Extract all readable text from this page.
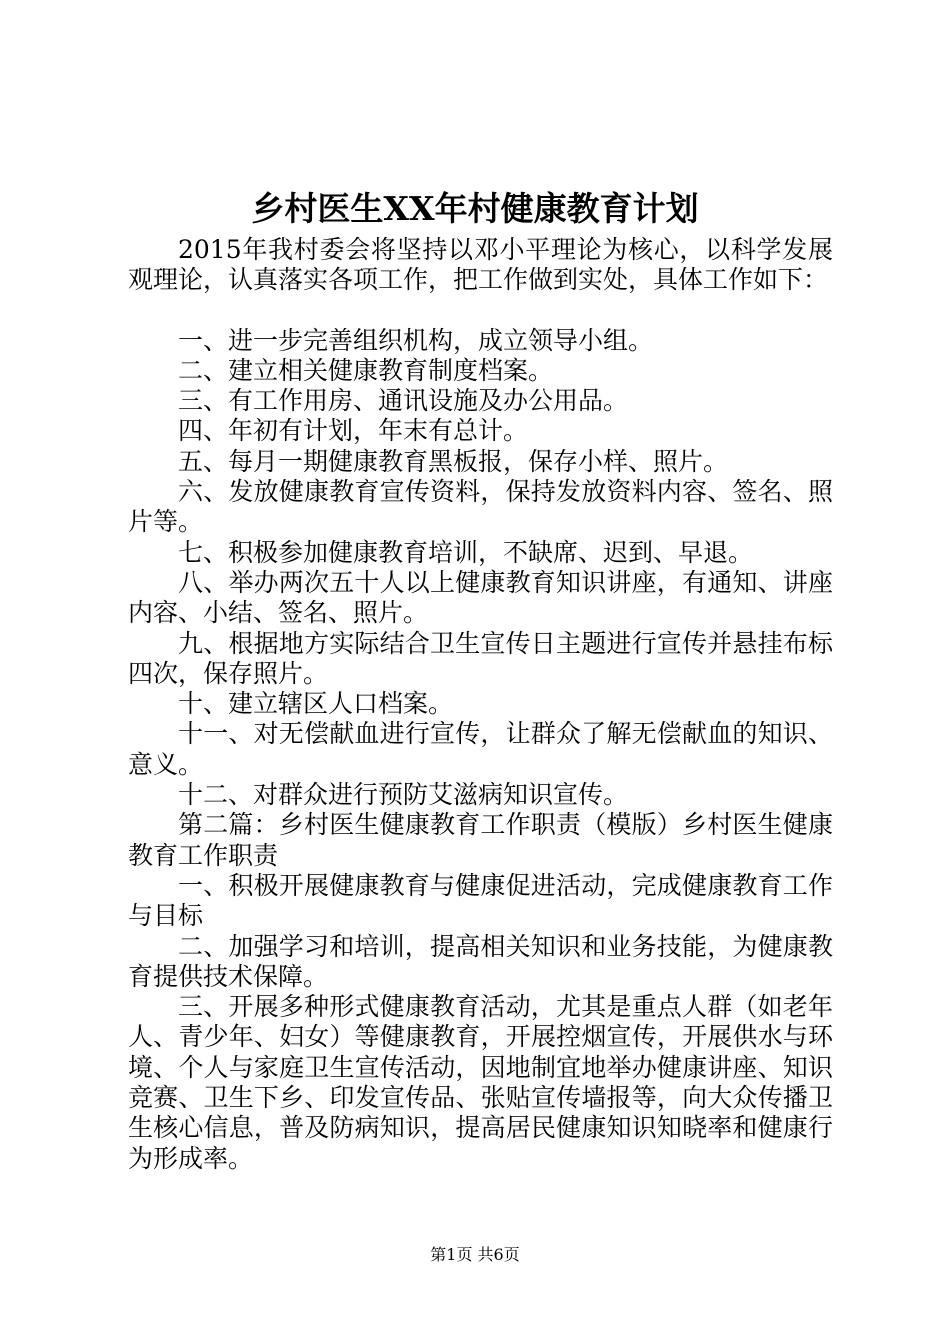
乡村医生XX年村健康教育计划

2015年我村委会将坚持以邓小平理论为核心，以科学发展观理论，认真落实各项工作，把工作做到实处，具体工作如下：

一、进一步完善组织机构，成立领导小组。

二、建立相关健康教育制度档案。

三、有工作用房、通讯设施及办公用品。

四、年初有计划，年末有总计。

五、每月一期健康教育黑板报，保存小样、照片。

六、发放健康教育宣传资料，保持发放资料内容、签名、照片等。

七、积极参加健康教育培训，不缺席、迟到、早退。

八、举办两次五十人以上健康教育知识讲座，有通知、讲座内容、小结、签名、照片。

九、根据地方实际结合卫生宣传日主题进行宣传并悬挂布标四次，保存照片。

十、建立辖区人口档案。

十一、对无偿献血进行宣传，让群众了解无偿献血的知识、意义。

十二、对群众进行预防艾滋病知识宣传。

第二篇：乡村医生健康教育工作职责（模版）乡村医生健康教育工作职责

一、积极开展健康教育与健康促进活动，完成健康教育工作与目标

二、加强学习和培训，提高相关知识和业务技能，为健康教育提供技术保障。

三、开展多种形式健康教育活动，尤其是重点人群（如老年人、青少年、妇女）等健康教育，开展控烟宣传，开展供水与环境、个人与家庭卫生宣传活动，因地制宜地举办健康讲座、知识竞赛、卫生下乡、印发宣传品、张贴宣传墙报等，向大众传播卫生核心信息，普及防病知识，提高居民健康知识知晓率和健康行为形成率。

第1页 共6页
